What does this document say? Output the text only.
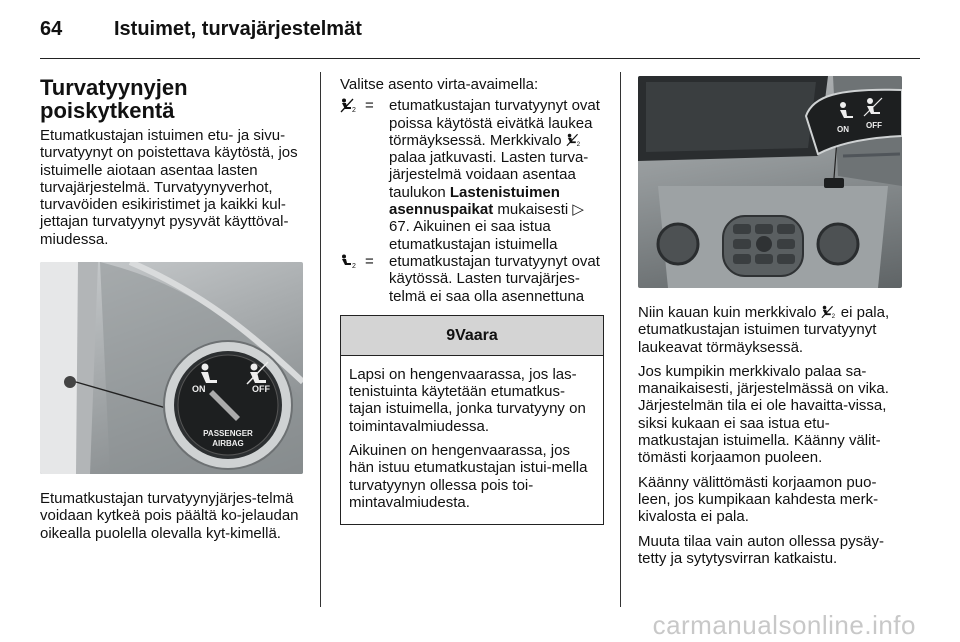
64	Istuimet, turvajärjestelmät
Turvatyynyjen
poiskytkentä

Etumatkustajan istuimen etu- ja sivu-turvatyynyt on poistettava käytöstä, jos istuimelle aiotaan asentaa lasten turvajärjestelmä. Turvatyynyverhot, turvavöiden esikiristimet ja kaikki kul-jettajan turvatyynyt pysyvät käyttöval-miudessa.

ON	OFF
PASSENGER
AIRBAG

Etumatkustajan turvatyynyjärjes-telmä voidaan kytkeä pois päältä ko-jelaudan oikealla puolella olevalla kyt-kimellä.

Valitse asento virta-avaimella:

= etumatkustajan turvatyynyt ovat poissa käytöstä eivätkä laukea törmäyksessä. Merkkivalo  palaa jatkuvasti. Lasten turva-järjestelmä voidaan asentaa taulukon Lastenistuimen asennuspaikat mukaisesti ▷ 67. Aikuinen ei saa istua etumatkustajan istuimella
= etumatkustajan turvatyynyt ovat käytössä. Lasten turvajärjes-telmä ei saa olla asennettuna
9Vaara

Lapsi on hengenvaarassa, jos las-tenistuinta käytetään etumatkus-tajan istuimella, jonka turvatyyny on toimintavalmiudessa.

Aikuinen on hengenvaarassa, jos hän istuu etumatkustajan istui-mella turvatyynyn ollessa pois toi-mintavalmiudesta.

ON OFF

Niin kauan kuin merkkivalo ei pala, etumatkustajan istuimen turvatyynyt laukeavat törmäyksessä.

Jos kumpikin merkkivalo palaa sa-manaikaisesti, järjestelmässä on vika. Järjestelmän tila ei ole havaitta-vissa, siksi kukaan ei saa istua etu-matkustajan istuimella. Käänny välit-tömästi korjaamon puoleen.

Käänny välittömästi korjaamon puo-leen, jos kumpikaan kahdesta merk-kivalosta ei pala.

Muuta tilaa vain auton ollessa pysäy-tetty ja sytytysvirran katkaistu.

carmanualsonline.info
